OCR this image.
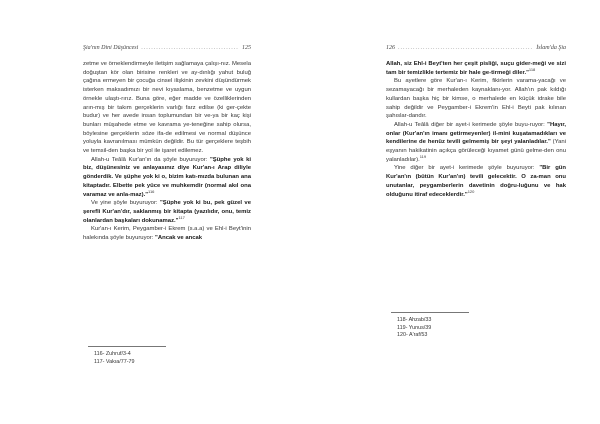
Şia'nın Dini Düşüncesi .....	125

zetme ve örneklendirmeyle iletişim sağlamaya çalışı-nız. Mesela doğuştan kör olan birisine renkleri ve ay-dınlığı yahut buluğ çağına ermeyen bir çocuğa cinsel ilişkinin zevkini düşündürmek isterken maksadımızı bir nevi kıyaslama, benzetme ve uygun örnekle ulaştı-rırız. Buna göre, eğer madde ve özelliklerinden arın-mış bir takım gerçeklerin varlığı farz edilse (ki ger-çekte budur) ve her avede insan toplumundan bir ve-ya bir kaç kişi bunları müşahede etme ve kavrama ye-teneğine sahip olursa, böylesine gerçeklerin söze ifa-de edilmesi ve normal düşünce yoluyla kavranılması mümkün değildir. Bu tür gerçeklere teşbih ve temsil-den başka bir yol ile işaret edilemez.

Allah-u Teâlâ Kur'an'ın da şöyle buyuruyor: "Şüphe yok ki biz, düşünesiniz ve anlayasınız diye Kur'an-ı Arap diliyle gönderdik. Ve şüphe yok ki o, bizim katı-mızda bulunan ana kitaptadır. Elbette pek yüce ve muhkemdir (normal akıl ona varamaz ve anla-maz)."$^{116}$

Ve yine şöyle buyuruyor: "Şüphe yok ki bu, pek güzel ve şerefli Kur'an'dır, saklanmış bir kitapta (yazılıdır, onu, temiz olanlardan başkaları dokunamaz."$^{117}$

Kur'an-ı Kerim, Peygamber-i Ekrem (s.a.a) ve Ehl-i Beyt'inin halekında şöyle buyuruyor: "Ancak ve ancak

116- Zuhruf/3-4
117- Vakıa/77-79
126 .....	İslam'da Şia

Allah, siz Ehl-i Beyt'ten her çeşit pisliği, suçu gider-meği ve sizi tam bir temizlikle tertemiz bir hale ge-tirmeği diler."$^{118}$

Bu ayetlere göre Kur'an-ı Kerim, fikirlerin varama-yacağı ve sezamayacağı bir merhaleden kaynaklanı-yor. Allah'ın pak kıldığı kullardan başka hiç bir kimse, o merhalede en küçük idrake bile sahip değildir ve Peygamber-i Ekrem'in Ehl-i Beyti pak kılınan şahıslar-dandır.

Allah-u Teâlâ diğer bir ayet-i kerimede şöyle buyu-ruyor: "Hayır, onlar (Kur'an'ın imanı getirmeyenler) il-mini kuşatamadıkları ve kendilerine de henüz tevili gelmemiş bir şeyi yalanladılar." (Yani eşyanın hakikatinin açıkça görüleceği kıyamet günü gelme-den onu yalanladılar).$^{119}$

Yine diğer bir ayet-i kerimede şöyle buyuruyor: "Bir gün Kur'an'ın (bütün Kur'an'ın) tevili gelecektir. O za-man onu unutanlar, peygamberlerin davetinin doğru-luğunu ve hak olduğunu itiraf edeceklerdir."$^{120}$

118- Ahzab/33
119- Yunus/39
120- A'raf/53
